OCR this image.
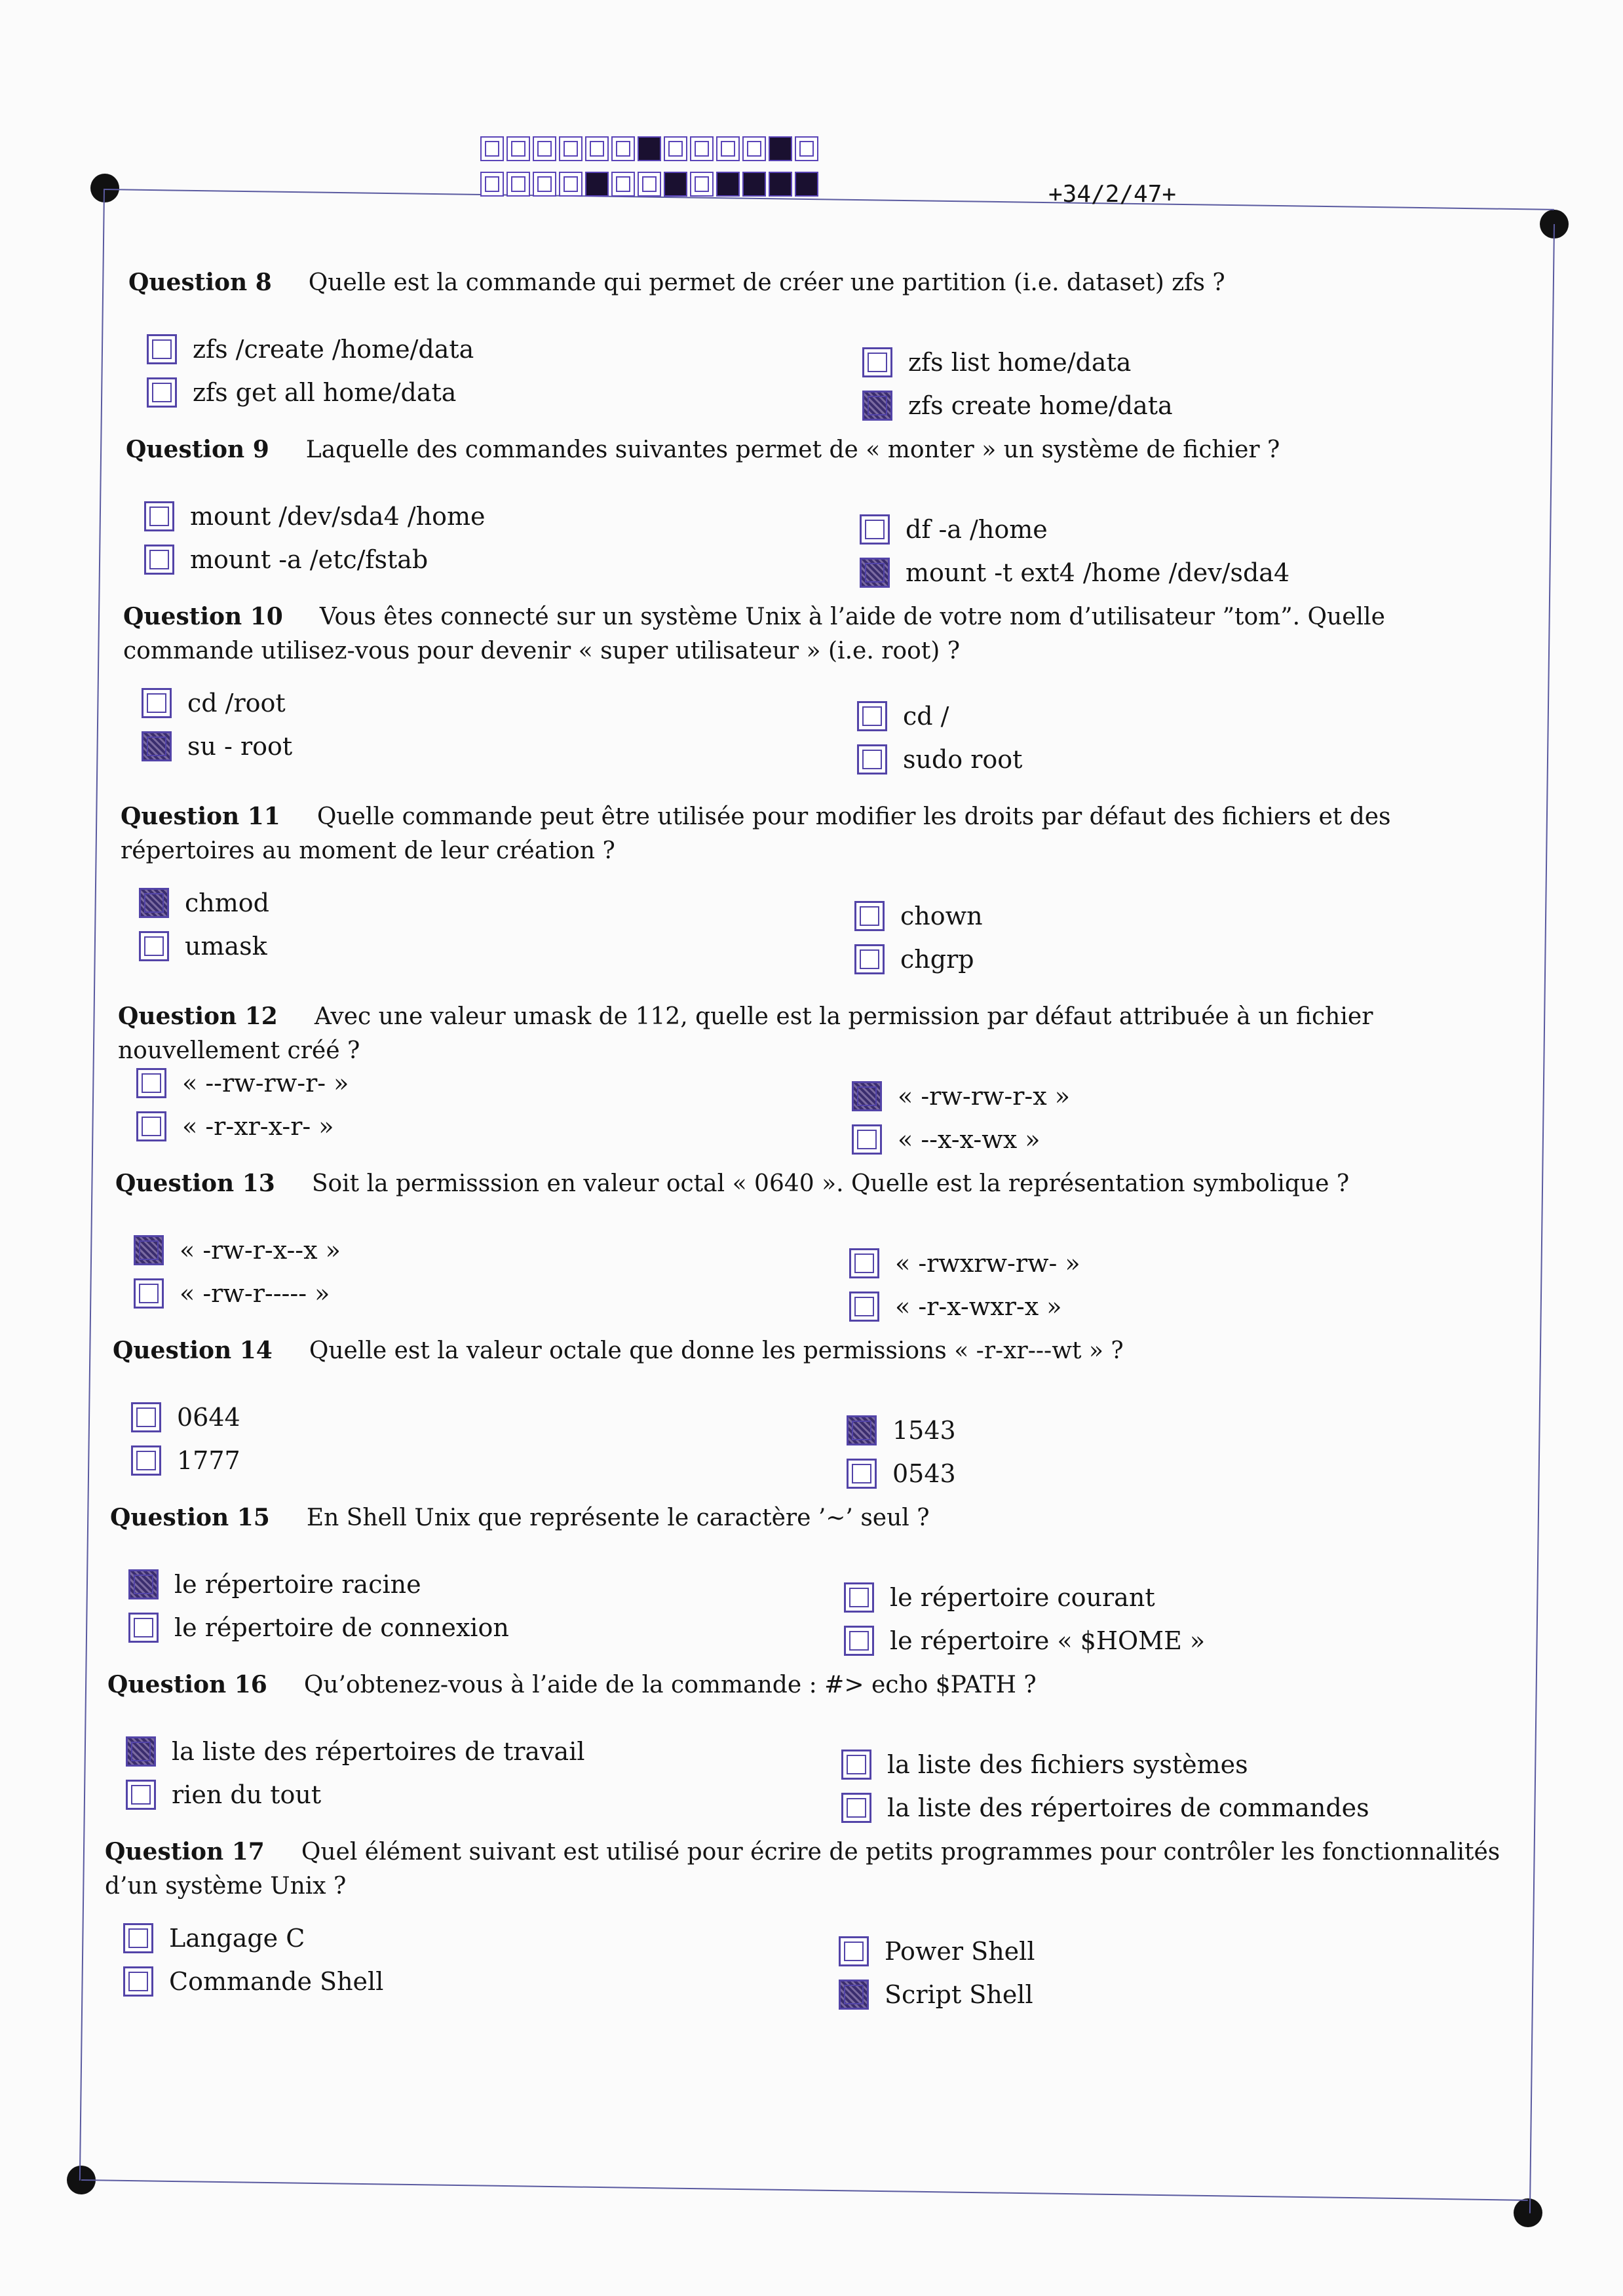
+34/2/47+
Question 8 Quelle est la commande qui permet de créer une partition (i.e. dataset) zfs ?
zfs /create /home/data
zfs get all home/data
zfs list home/data
zfs create home/data
Question 9 Laquelle des commandes suivantes permet de « monter » un système de fichier ?
mount /dev/sda4 /home
mount -a /etc/fstab
df -a /home
mount -t ext4 /home /dev/sda4
Question 10 Vous êtes connecté sur un système Unix à l’aide de votre nom d’utilisateur ”tom”. Quelle commande utilisez-vous pour devenir « super utilisateur » (i.e. root) ?
cd /root
su - root
cd /
sudo root
Question 11 Quelle commande peut être utilisée pour modifier les droits par défaut des fichiers et des répertoires au moment de leur création ?
chmod
umask
chown
chgrp
Question 12 Avec une valeur umask de 112, quelle est la permission par défaut attribuée à un fichier nouvellement créé ?
« --rw-rw-r- »
« -r-xr-x-r- »
« -rw-rw-r-x »
« --x-x-wx »
Question 13 Soit la permisssion en valeur octal « 0640 ». Quelle est la représentation symbolique ?
« -rw-r-x--x »
« -rw-r----- »
« -rwxrw-rw- »
« -r-x-wxr-x »
Question 14 Quelle est la valeur octale que donne les permissions « -r-xr---wt » ?
0644
1777
1543
0543
Question 15 En Shell Unix que représente le caractère ’∼’ seul ?
le répertoire racine
le répertoire de connexion
le répertoire courant
le répertoire « $HOME »
Question 16 Qu’obtenez-vous à l’aide de la commande : #> echo $PATH ?
la liste des répertoires de travail
rien du tout
la liste des fichiers systèmes
la liste des répertoires de commandes
Question 17 Quel élément suivant est utilisé pour écrire de petits programmes pour contrôler les fonctionnalités d’un système Unix ?
Langage C
Commande Shell
Power Shell
Script Shell
